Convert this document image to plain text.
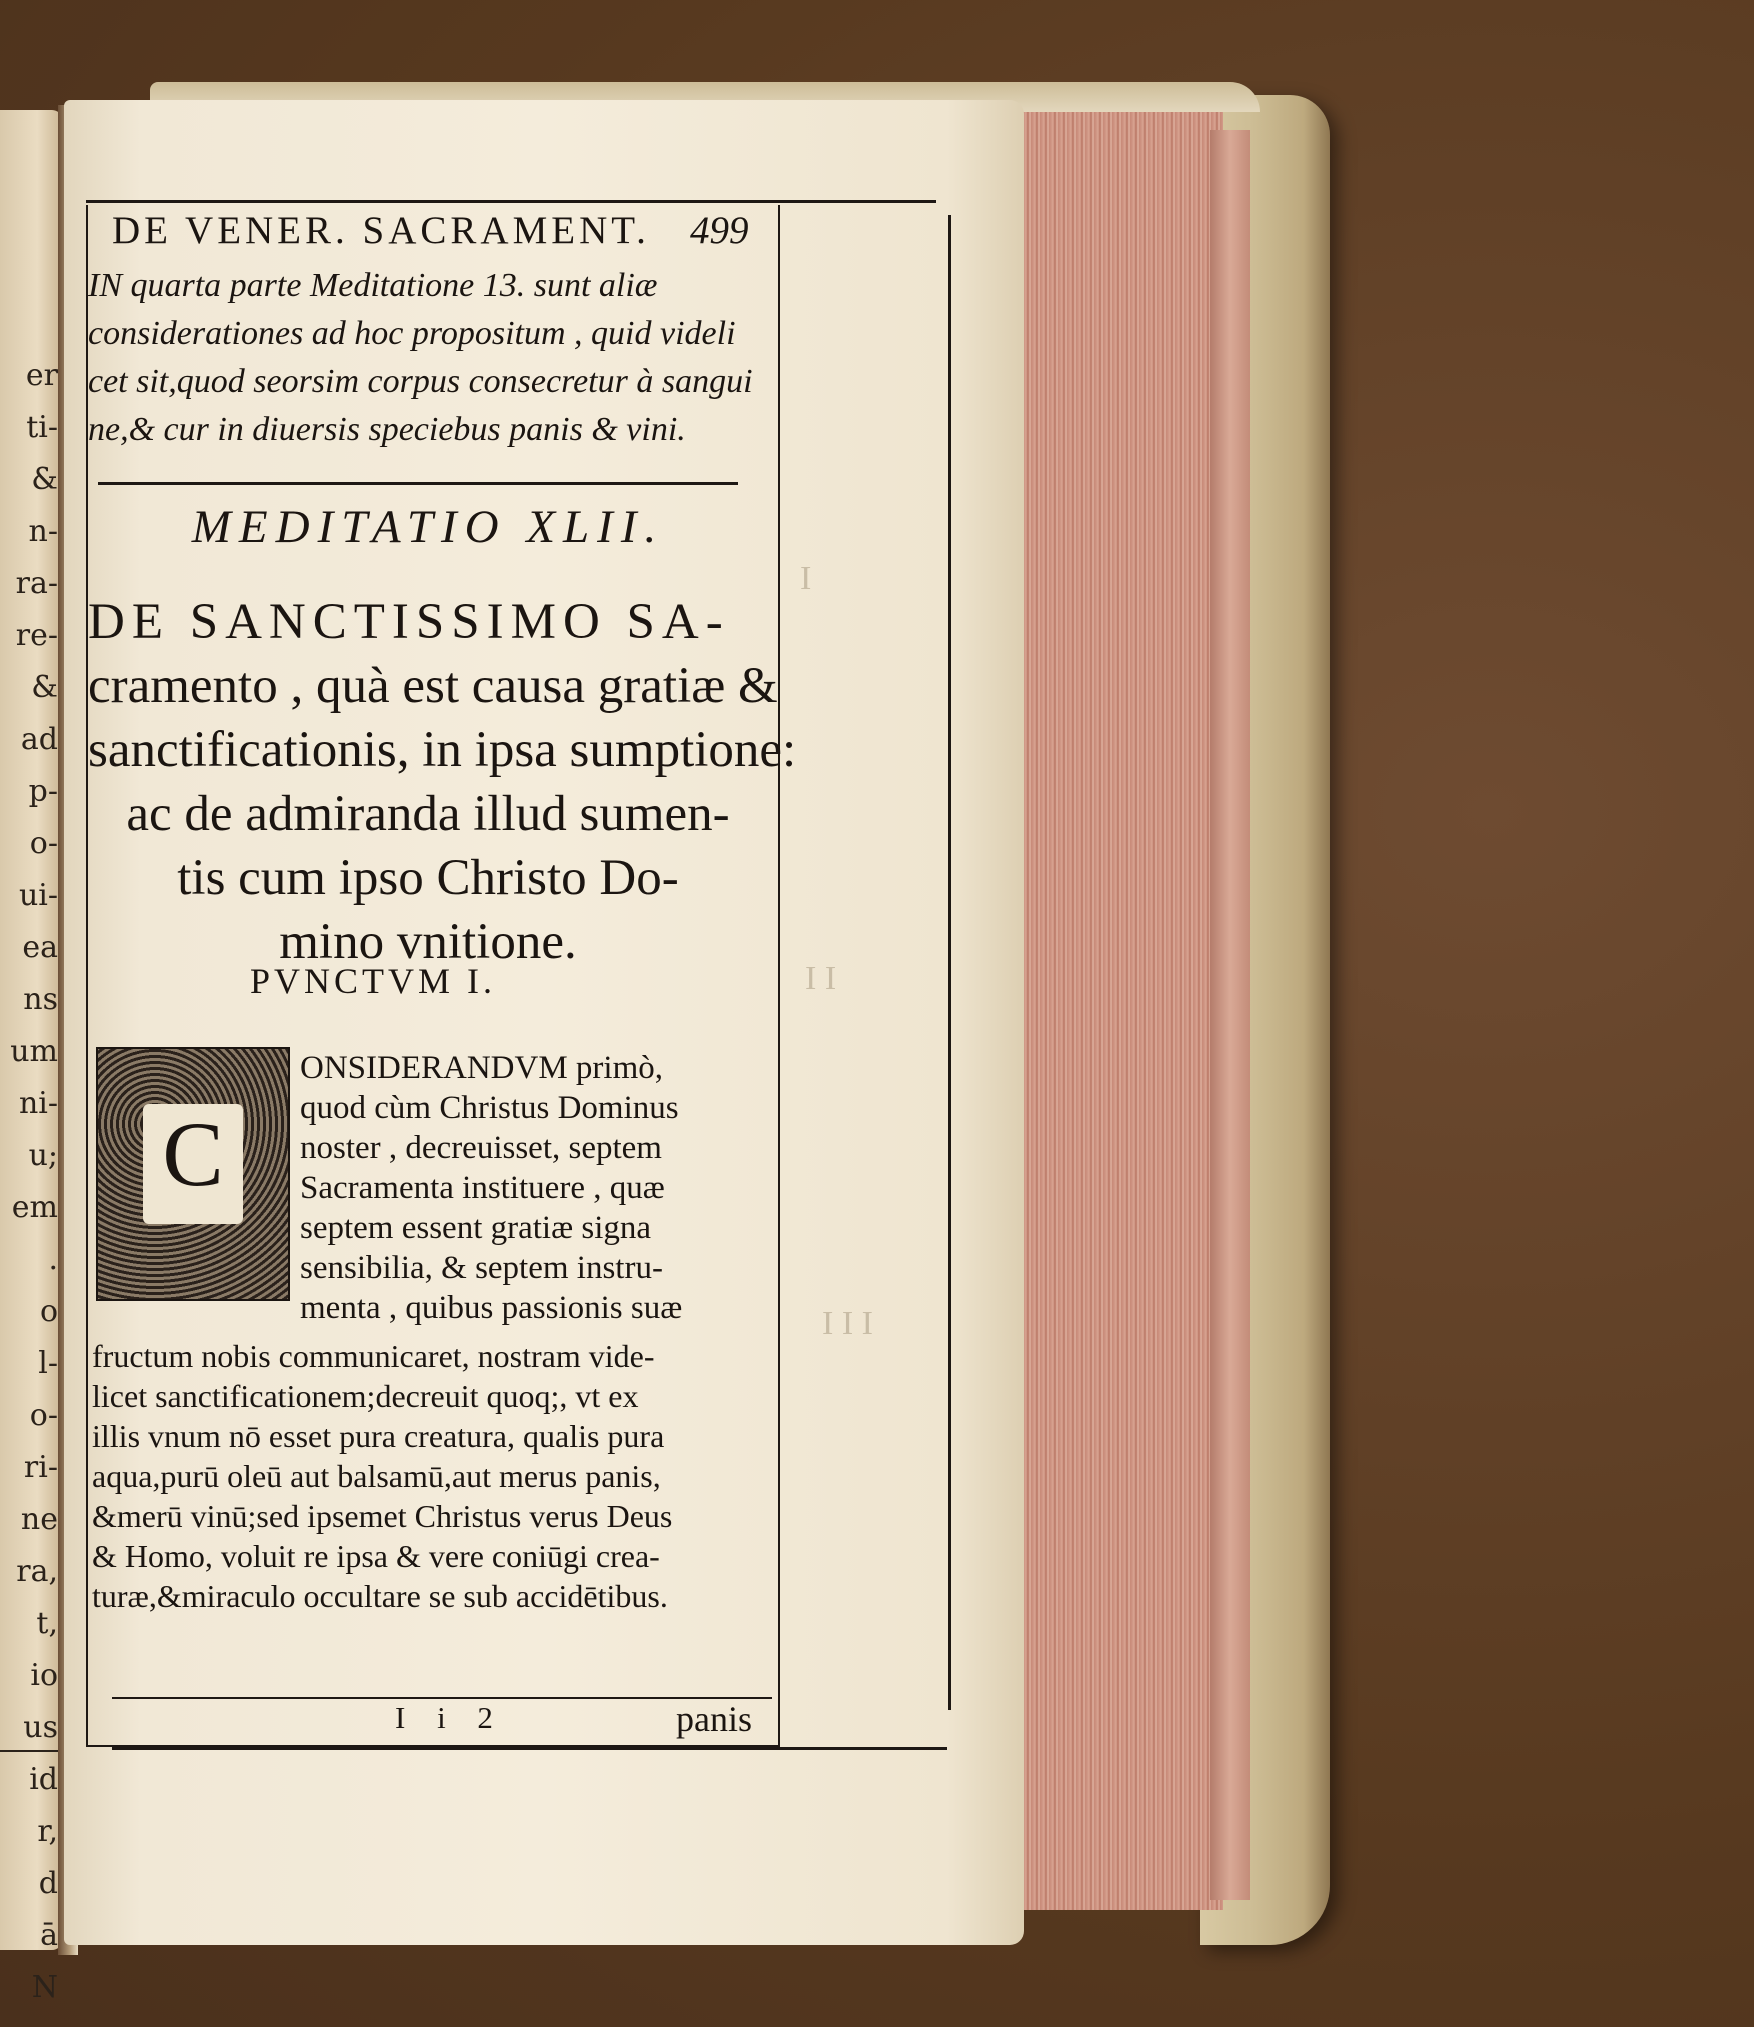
er
ti-
&
n-
ra-
re-
&
ad
p-
o-
ui-
ea
ns
um
ni-
u;
em
.
o
l-
o-
ri-
ne
ra,
t,
io
us
id
r,
d
ā
N
DE VENER. SACRAMENT.	499
IN quarta parte Meditatione 13. sunt aliæ
considerationes ad hoc propositum , quid videli
cet sit,quod seorsim corpus consecretur à sangui
ne,& cur in diuersis speciebus panis & vini.
MEDITATIO XLII.
DE SANCTISSIMO SA-
cramento , quà est causa gratiæ &
sanctificationis, in ipsa sumptione:
ac de admiranda illud sumen-
tis cum ipso Christo Do-
mino vnitione.
PVNCTVM I.
C
ONSIDERANDVM primò,
quod cùm Christus Dominus
noster , decreuisset, septem
Sacramenta instituere , quæ
septem essent gratiæ signa
sensibilia, & septem instru-
menta , quibus passionis suæ
fructum nobis communicaret, nostram vide-
licet sanctificationem;decreuit quoq;, vt ex
illis vnum nō esset pura creatura, qualis pura
aqua,purū oleū aut balsamū,aut merus panis,
&merū vinū;sed ipsemet Christus verus Deus
& Homo, voluit re ipsa & vere coniūgi crea-
turæ,&miraculo occultare se sub accidētibus.
I i 2	panis
I
I I
I I I
